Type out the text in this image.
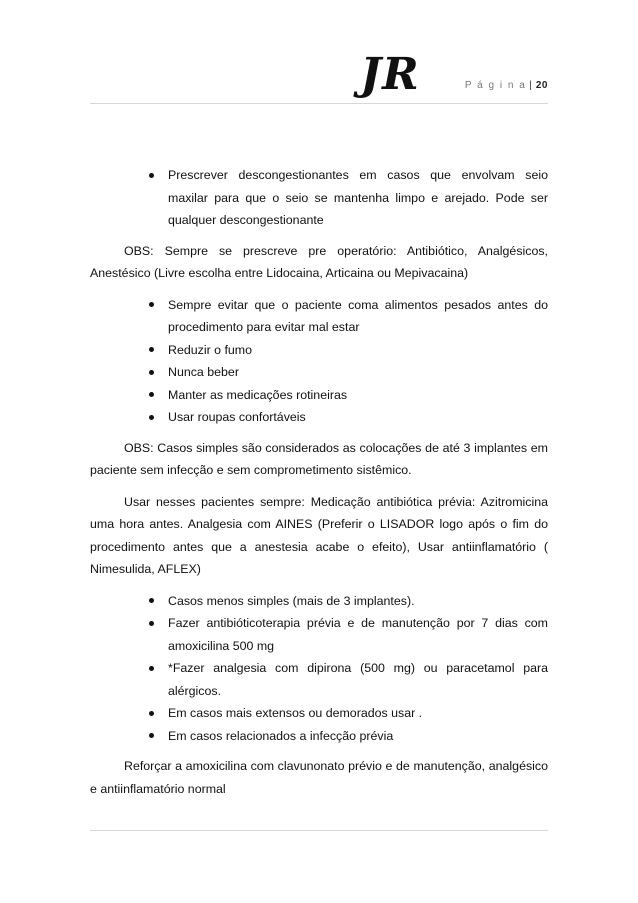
JR	P á g i n a | 20
Prescrever descongestionantes em casos que envolvam seio maxilar para que o seio se mantenha limpo e arejado. Pode ser qualquer descongestionante

OBS: Sempre se prescreve pre operatório: Antibiótico, Analgésicos, Anestésico (Livre escolha entre Lidocaina, Articaina ou Mepivacaina)

Sempre evitar que o paciente coma alimentos pesados antes do procedimento para evitar mal estar
Reduzir o fumo
Nunca beber
Manter as medicações rotineiras
Usar roupas confortáveis

OBS: Casos simples são considerados as colocações de até 3 implantes em paciente sem infecção e sem comprometimento sistêmico.

Usar nesses pacientes sempre: Medicação antibiótica prévia: Azitromicina uma hora antes. Analgesia com AINES (Preferir o LISADOR logo após o fim do procedimento antes que a anestesia acabe o efeito), Usar antiinflamatório ( Nimesulida, AFLEX)

Casos menos simples (mais de 3 implantes).
Fazer antibióticoterapia prévia e de manutenção por 7 dias com amoxicilina 500 mg
*Fazer analgesia com dipirona (500 mg) ou paracetamol para alérgicos.
Em casos mais extensos ou demorados usar .
Em casos relacionados a infecção prévia

Reforçar a amoxicilina com clavunonato prévio e de manutenção, analgésico e antiinflamatório normal
